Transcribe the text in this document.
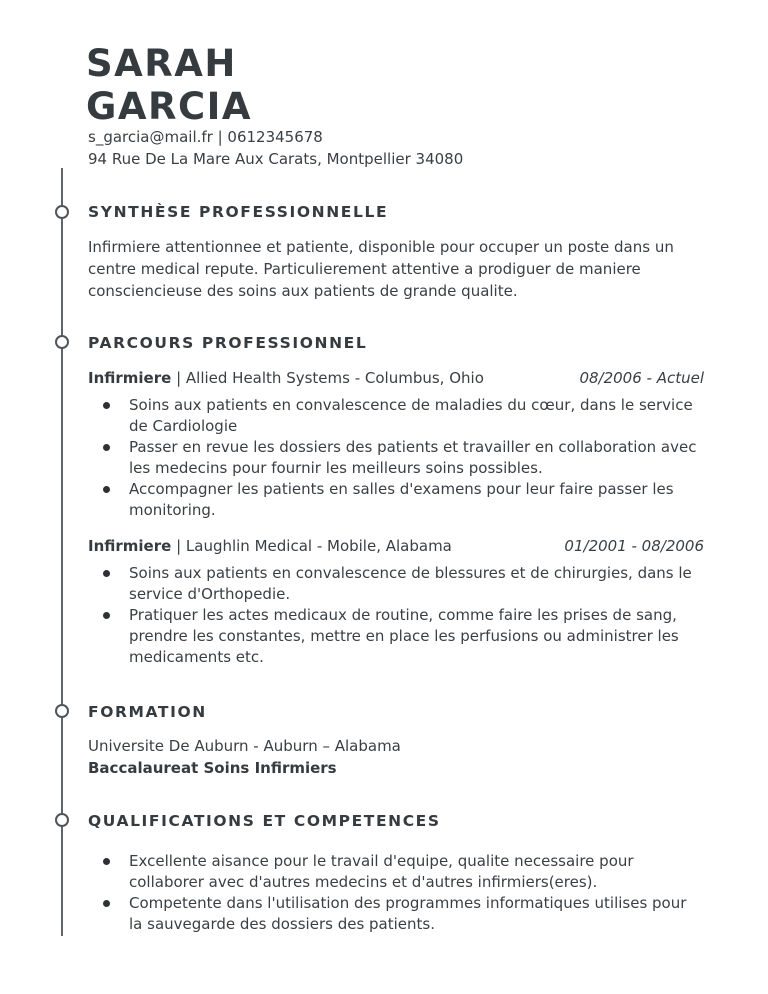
SARAH
GARCIA
s_garcia@mail.fr | 0612345678
94 Rue De La Mare Aux Carats, Montpellier 34080
SYNTHÈSE PROFESSIONNELLE

Infirmiere attentionnee et patiente, disponible pour occuper un poste dans un centre medical repute. Particulierement attentive a prodiguer de maniere consciencieuse des soins aux patients de grande qualite.

PARCOURS PROFESSIONNEL
Infirmiere | Allied Health Systems - Columbus, Ohio	08/2006 - Actuel
Soins aux patients en convalescence de maladies du cœur, dans le service de Cardiologie
Passer en revue les dossiers des patients et travailler en collaboration avec les medecins pour fournir les meilleurs soins possibles.
Accompagner les patients en salles d'examens pour leur faire passer les monitoring.
Infirmiere | Laughlin Medical - Mobile, Alabama	01/2001 - 08/2006
Soins aux patients en convalescence de blessures et de chirurgies, dans le service d'Orthopedie.
Pratiquer les actes medicaux de routine, comme faire les prises de sang, prendre les constantes, mettre en place les perfusions ou administrer les medicaments etc.
FORMATION
Universite De Auburn - Auburn – Alabama
Baccalaureat Soins Infirmiers
QUALIFICATIONS ET COMPETENCES
Excellente aisance pour le travail d'equipe, qualite necessaire pour collaborer avec d'autres medecins et d'autres infirmiers(eres).
Competente dans l'utilisation des programmes informatiques utilises pour la sauvegarde des dossiers des patients.
